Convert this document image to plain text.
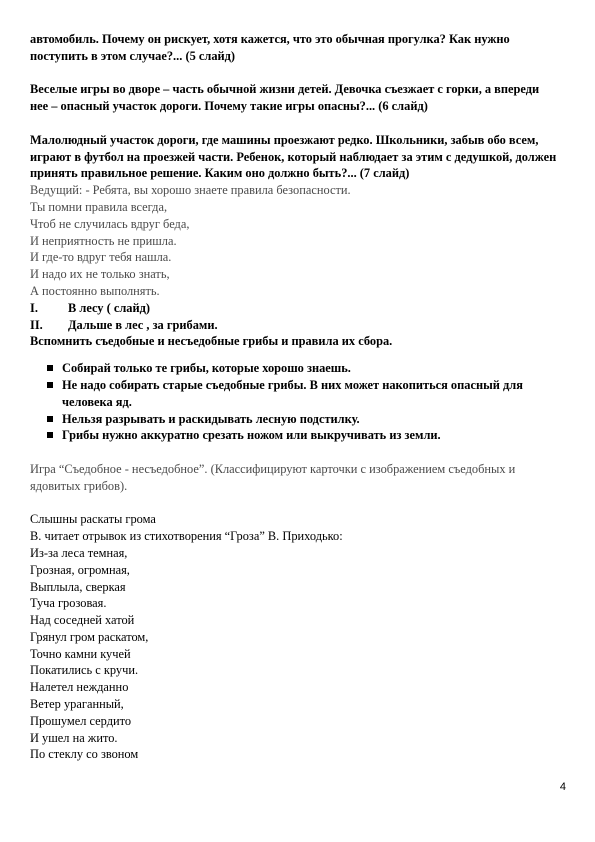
автомобиль. Почему он рискует, хотя кажется, что это обычная прогулка? Как нужно поступить в этом случае?... (5 слайд)

Веселые игры во дворе – часть обычной жизни детей. Девочка съезжает с горки, а впереди нее – опасный участок дороги. Почему такие игры опасны?... (6 слайд)

Малолюдный участок дороги, где машины проезжают редко. Школьники, забыв обо всем, играют в футбол на проезжей части. Ребенок, который наблюдает за этим с дедушкой, должен принять правильное решение. Каким оно должно быть?... (7 слайд)

Ведущий: - Ребята, вы хорошо знаете правила безопасности.

Ты помни правила всегда,

Чтоб не случилась вдруг беда,

И неприятность не пришла.

И где-то вдруг тебя нашла.

И надо их не только знать,

А постоянно выполнять.

I. В лесу ( слайд)
II. Дальше в лес , за грибами.

Вспомнить съедобные и несъедобные грибы и правила их сбора.

Собирай только те грибы, которые хорошо знаешь.
Не надо собирать старые съедобные грибы. В них может накопиться опасный для человека яд.
Нельзя разрывать и раскидывать лесную подстилку.
Грибы нужно аккуратно срезать ножом или выкручивать из земли.

Игра “Съедобное - несъедобное”. (Классифицируют карточки с изображением съедобных и ядовитых грибов).

Слышны раскаты грома

В. читает отрывок из стихотворения “Гроза” В. Приходько:

Из-за леса темная,

Грозная, огромная,

Выплыла, сверкая

Туча грозовая.

Над соседней хатой

Грянул гром раскатом,

Точно камни кучей

Покатились с кручи.

Налетел нежданно

Ветер ураганный,

Прошумел сердито

И ушел на жито.

По стеклу со звоном

4
